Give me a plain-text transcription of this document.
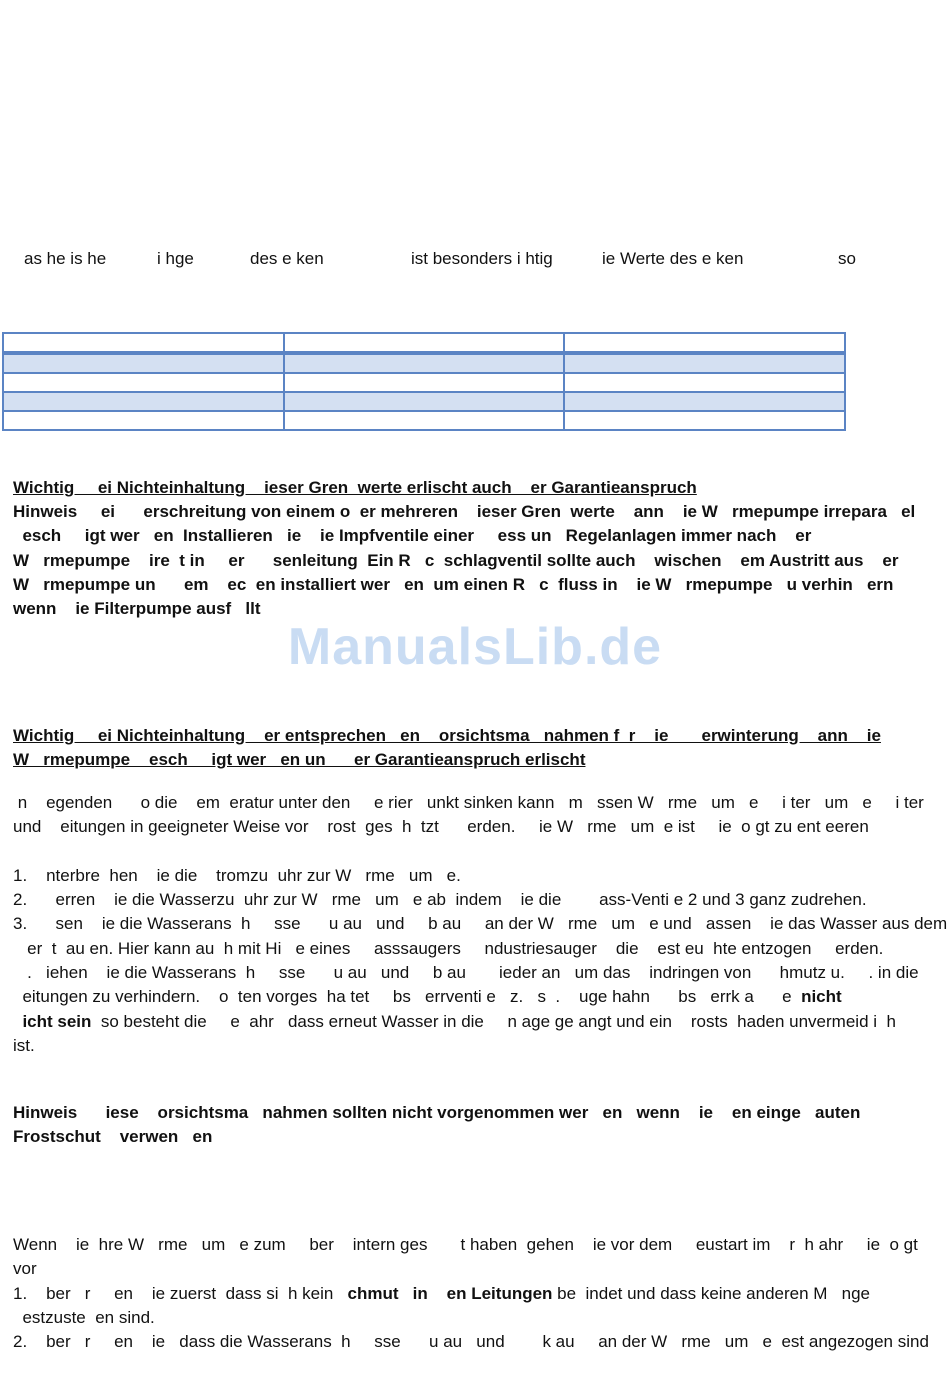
as he is he	i hge	des e ken	ist besonders i htig	ie Werte des e ken	so

Wichtig     ei Nichteinhaltung    ieser Gren  werte erlischt auch    er Garantieanspruch
Hinweis     ei      erschreitung von einem o  er mehreren    ieser Gren  werte    ann    ie W   rmepumpe irrepara   el
esch     igt wer   en  Installieren   ie    ie Impfventile einer     ess un   Regelanlagen immer nach    er
W   rmepumpe    ire  t in     er      senleitung  Ein R   c  schlagventil sollte auch    wischen    em Austritt aus    er
W   rmepumpe un      em    ec  en installiert wer   en  um einen R   c  fluss in    ie W   rmepumpe   u verhin   ern
wenn    ie Filterpumpe ausf   llt
ManualsLib.de
Wichtig     ei Nichteinhaltung    er entsprechen   en    orsichtsma   nahmen f  r    ie       erwinterung    ann    ie
W   rmepumpe    esch     igt wer   en un      er Garantieanspruch erlischt
n    egenden      o die    em  eratur unter den     e rier   unkt sinken kann   m   ssen W   rme   um   e     i ter   um   e     i ter
und    eitungen in geeigneter Weise vor    rost  ges  h  tzt      erden.     ie W   rme   um  e ist     ie  o gt zu ent eeren
1.    nterbre  hen    ie die    tromzu  uhr zur W   rme   um   e.
2.      erren    ie die Wasserzu  uhr zur W   rme   um   e ab  indem    ie die        ass-Venti e 2 und 3 ganz zudrehen.
3.      sen    ie die Wasserans  h     sse      u au   und     b au     an der W   rme   um   e und   assen    ie das Wasser aus dem
er  t  au en. Hier kann au  h mit Hi   e eines     asssaugers     ndustriesauger    die    est eu  hte entzogen     erden.
.   iehen    ie die Wasserans  h     sse      u au   und     b au       ieder an   um das    indringen von      hmutz u.     . in die
eitungen zu verhindern.    o  ten vorges  ha tet     bs   errventi e   z.   s  .    uge hahn      bs   errk a      e  nicht
icht sein  so besteht die     e  ahr   dass erneut Wasser in die     n age ge angt und ein    rosts  haden unvermeid i  h
ist.
Hinweis      iese    orsichtsma   nahmen sollten nicht vorgenommen wer   en   wenn    ie    en einge   auten
Frostschut    verwen   en
Wenn    ie  hre W   rme   um   e zum     ber    intern ges       t haben  gehen    ie vor dem     eustart im    r  h ahr     ie  o gt
vor
1.    ber   r     en    ie zuerst  dass si  h kein   chmut   in    en Leitungen be  indet und dass keine anderen M   nge
estzuste  en sind.
2.    ber   r     en    ie   dass die Wasserans  h     sse      u au   und        k au     an der W   rme   um   e  est angezogen sind
